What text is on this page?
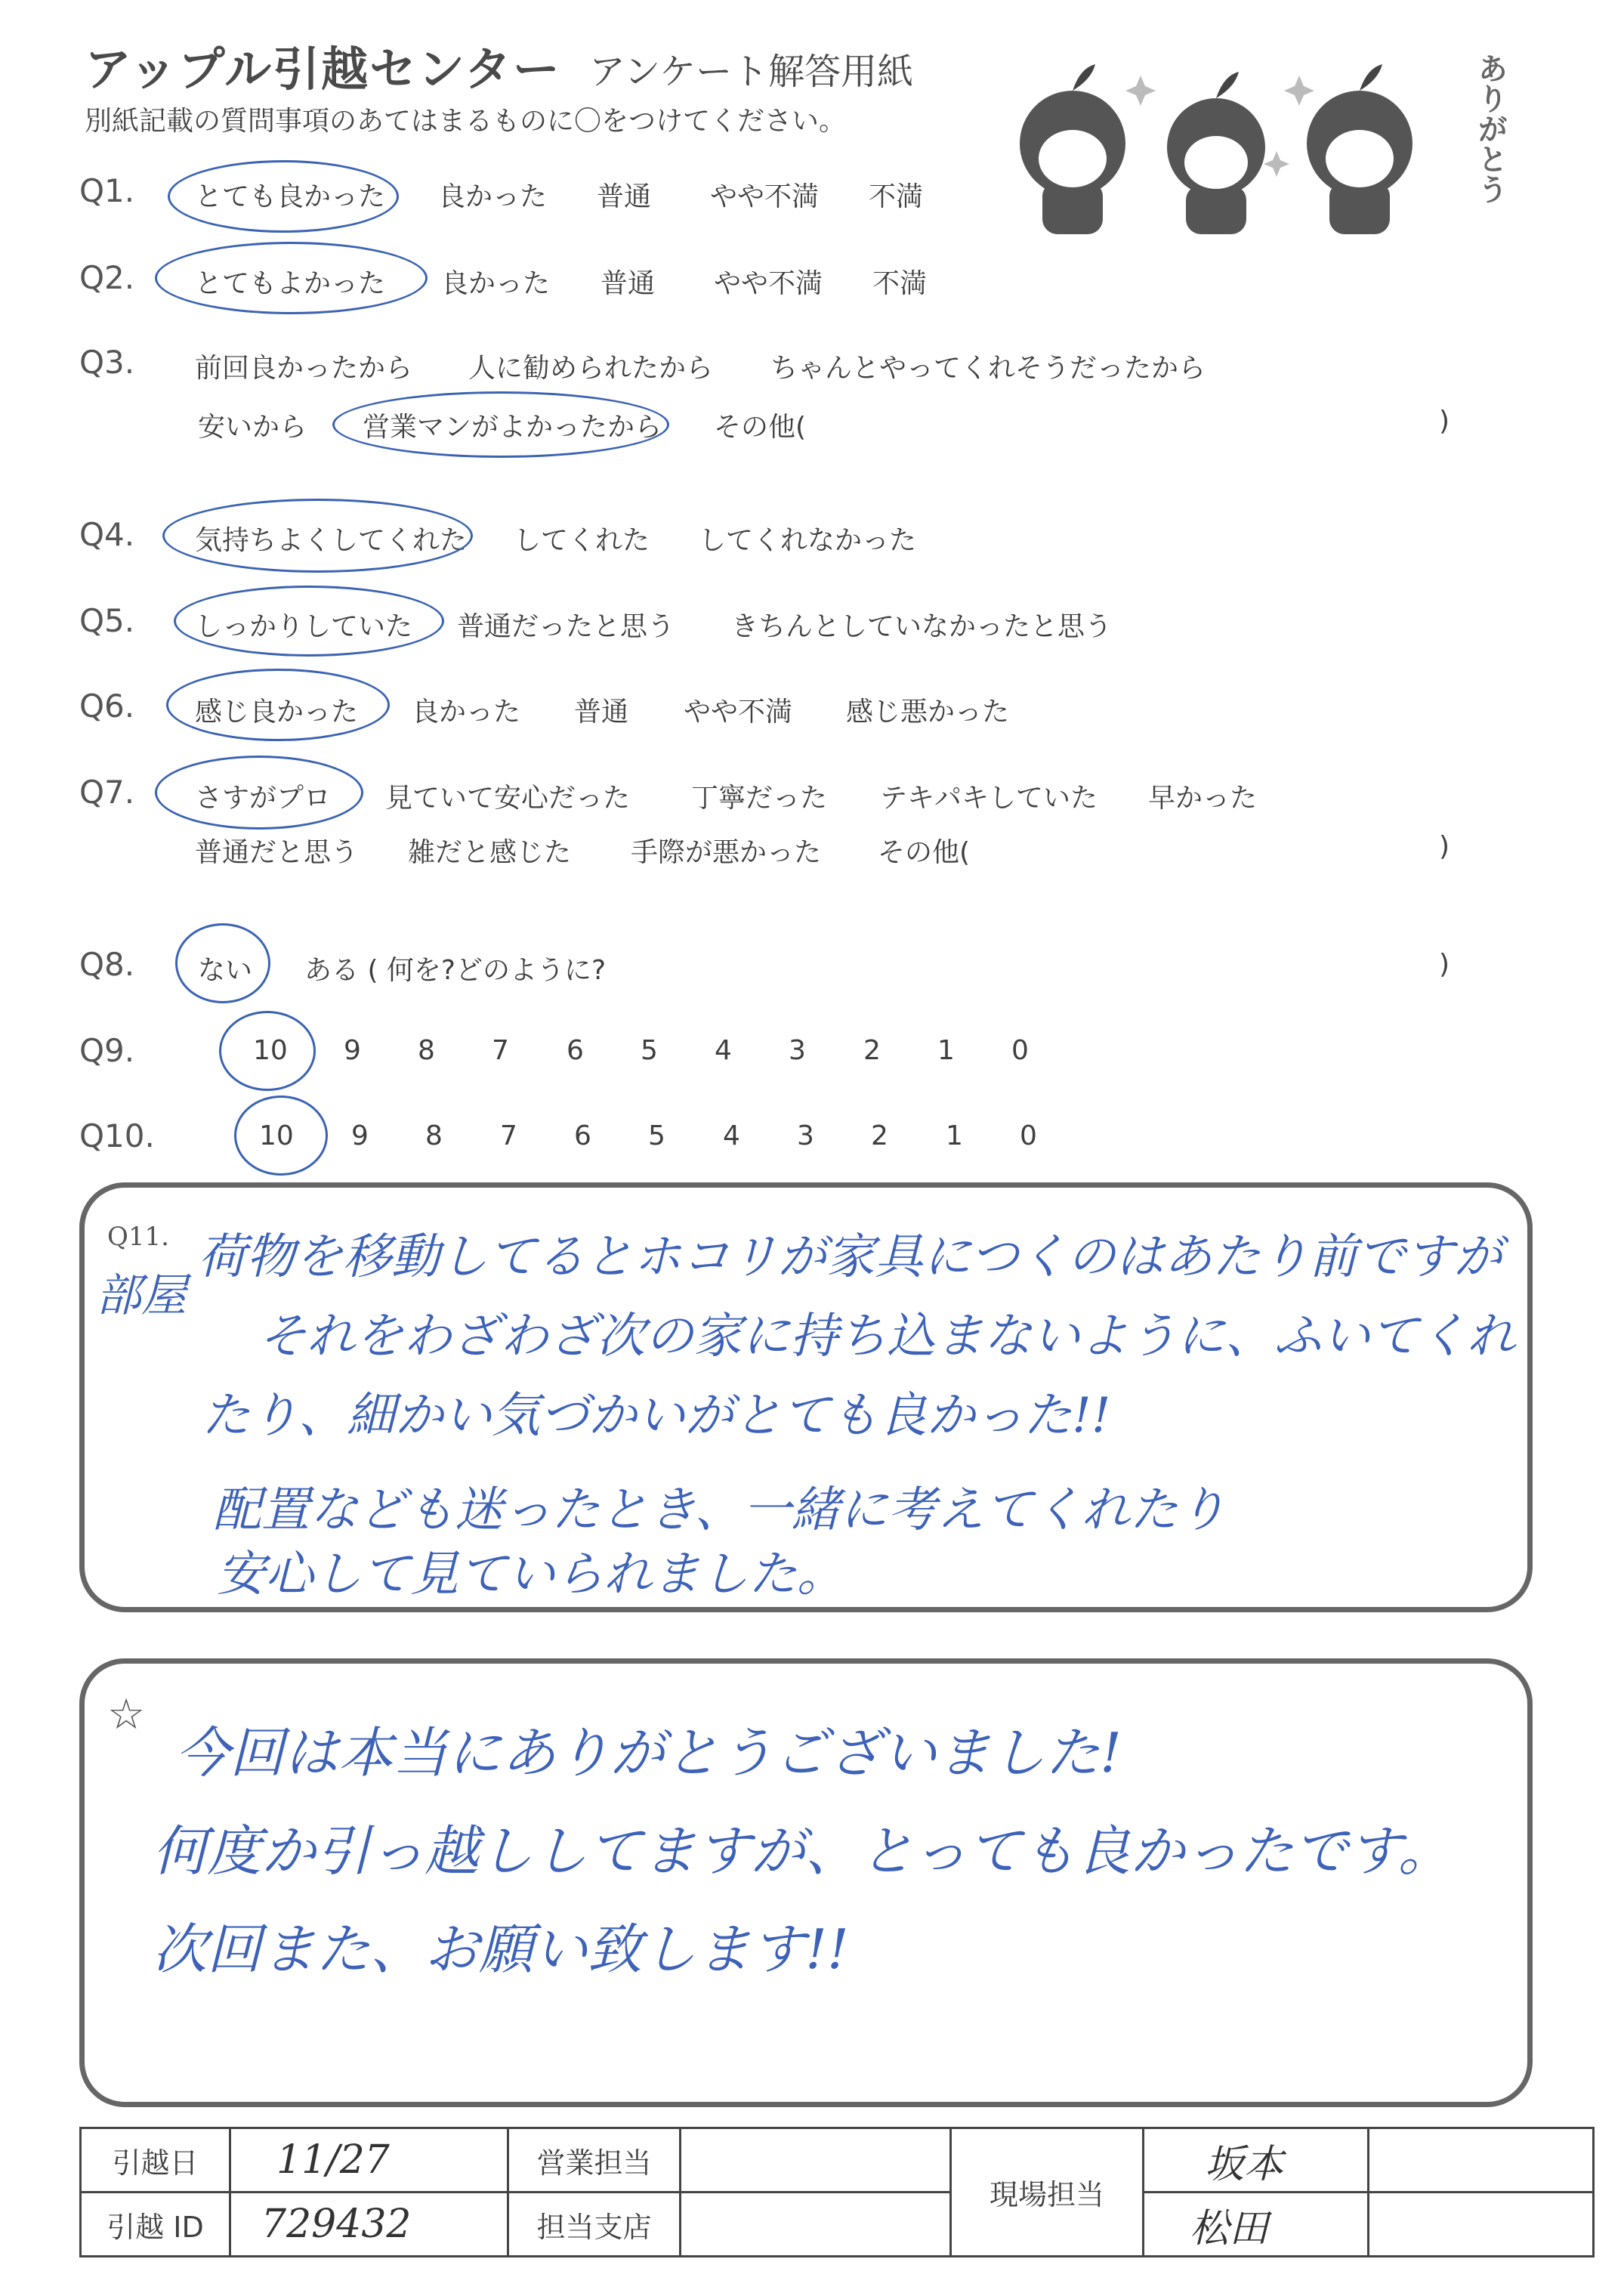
アップル引越センター アンケート解答用紙
別紙記載の質問事項のあてはまるものに〇をつけてください。	ありがとう
Q1. とても良かった 良かった 普通 やや不満 不満
Q2. とてもよかった 良かった 普通 やや不満 不満
Q3. 前回良かったから 人に勧められたから ちゃんとやってくれそうだったから
安いから 営業マンがよかったから その他(	)
Q4. 気持ちよくしてくれた してくれた してくれなかった
Q5. しっかりしていた 普通だったと思う きちんとしていなかったと思う
Q6. 感じ良かった 良かった 普通 やや不満 感じ悪かった
Q7. さすがプロ 見ていて安心だった 丁寧だった テキパキしていた 早かった
普通だと思う 雑だと感じた 手際が悪かった その他(	)
Q8. ない ある ( 何を?どのように?	)
Q9.	10 9 8 7 6 5 4 3 2 1 0
Q10.	10 9 8 7 6 5 4 3 2 1 0
Q11.
部屋
荷物を移動してるとホコリが家具につくのはあたり前ですが
それをわざわざ次の家に持ち込まないように、ふいてくれ
たり、細かい気づかいがとても良かった!!
配置なども迷ったとき、一緒に考えてくれたり
安心して見ていられました。
☆
今回は本当にありがとうございました!
何度か引っ越ししてますが、とっても良かったです。
次回また、お願い致します!!
引越日	11/27	営業担当		現場担当	坂本	
引越 ID	729432	担当支店			松田	
